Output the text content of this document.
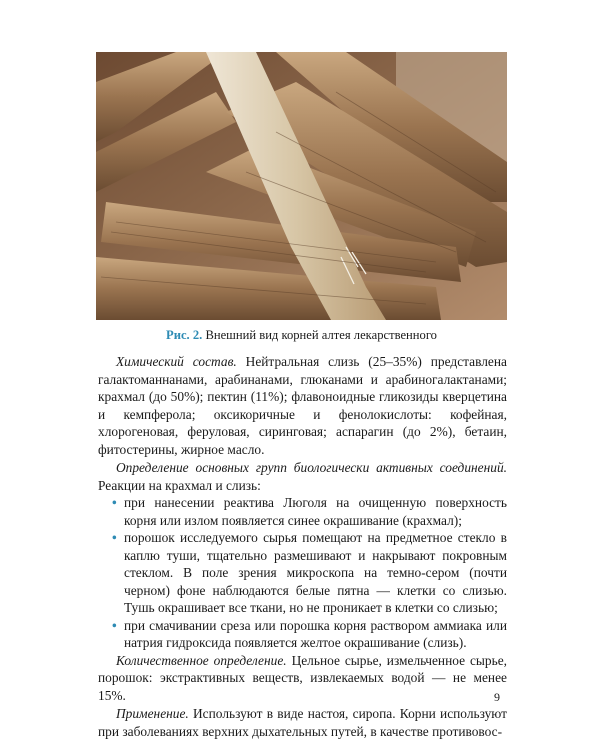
Рис. 2. Внешний вид корней алтея лекарственного

Химический состав. Нейтральная слизь (25–35%) представлена галактоманнанами, арабинанами, глюканами и арабиногалактанами; крахмал (до 50%); пектин (11%); флавоноидные гликозиды кверцетина и кемпферола; оксикоричные и фенолокислоты: кофейная, хлорогеновая, феруловая, сиринговая; аспарагин (до 2%), бетаин, фитостерины, жирное масло.

Определение основных групп биологически активных соединений. Реакции на крахмал и слизь:

• при нанесении реактива Люголя на очищенную поверхность корня или излом появляется синее окрашивание (крахмал);
• порошок исследуемого сырья помещают на предметное стекло в каплю туши, тщательно размешивают и накрывают покровным стеклом. В поле зрения микроскопа на темно-сером (почти черном) фоне наблюдаются белые пятна — клетки со слизью. Тушь окрашивает все ткани, но не проникает в клетки со слизью;
• при смачивании среза или порошка корня раствором аммиака или натрия гидроксида появляется желтое окрашивание (слизь).

Количественное определение. Цельное сырье, измельченное сырье, порошок: экстрактивных веществ, извлекаемых водой — не менее 15%.

Применение. Используют в виде настоя, сиропа. Корни используют при заболеваниях верхних дыхательных путей, в качестве противовос-

9
